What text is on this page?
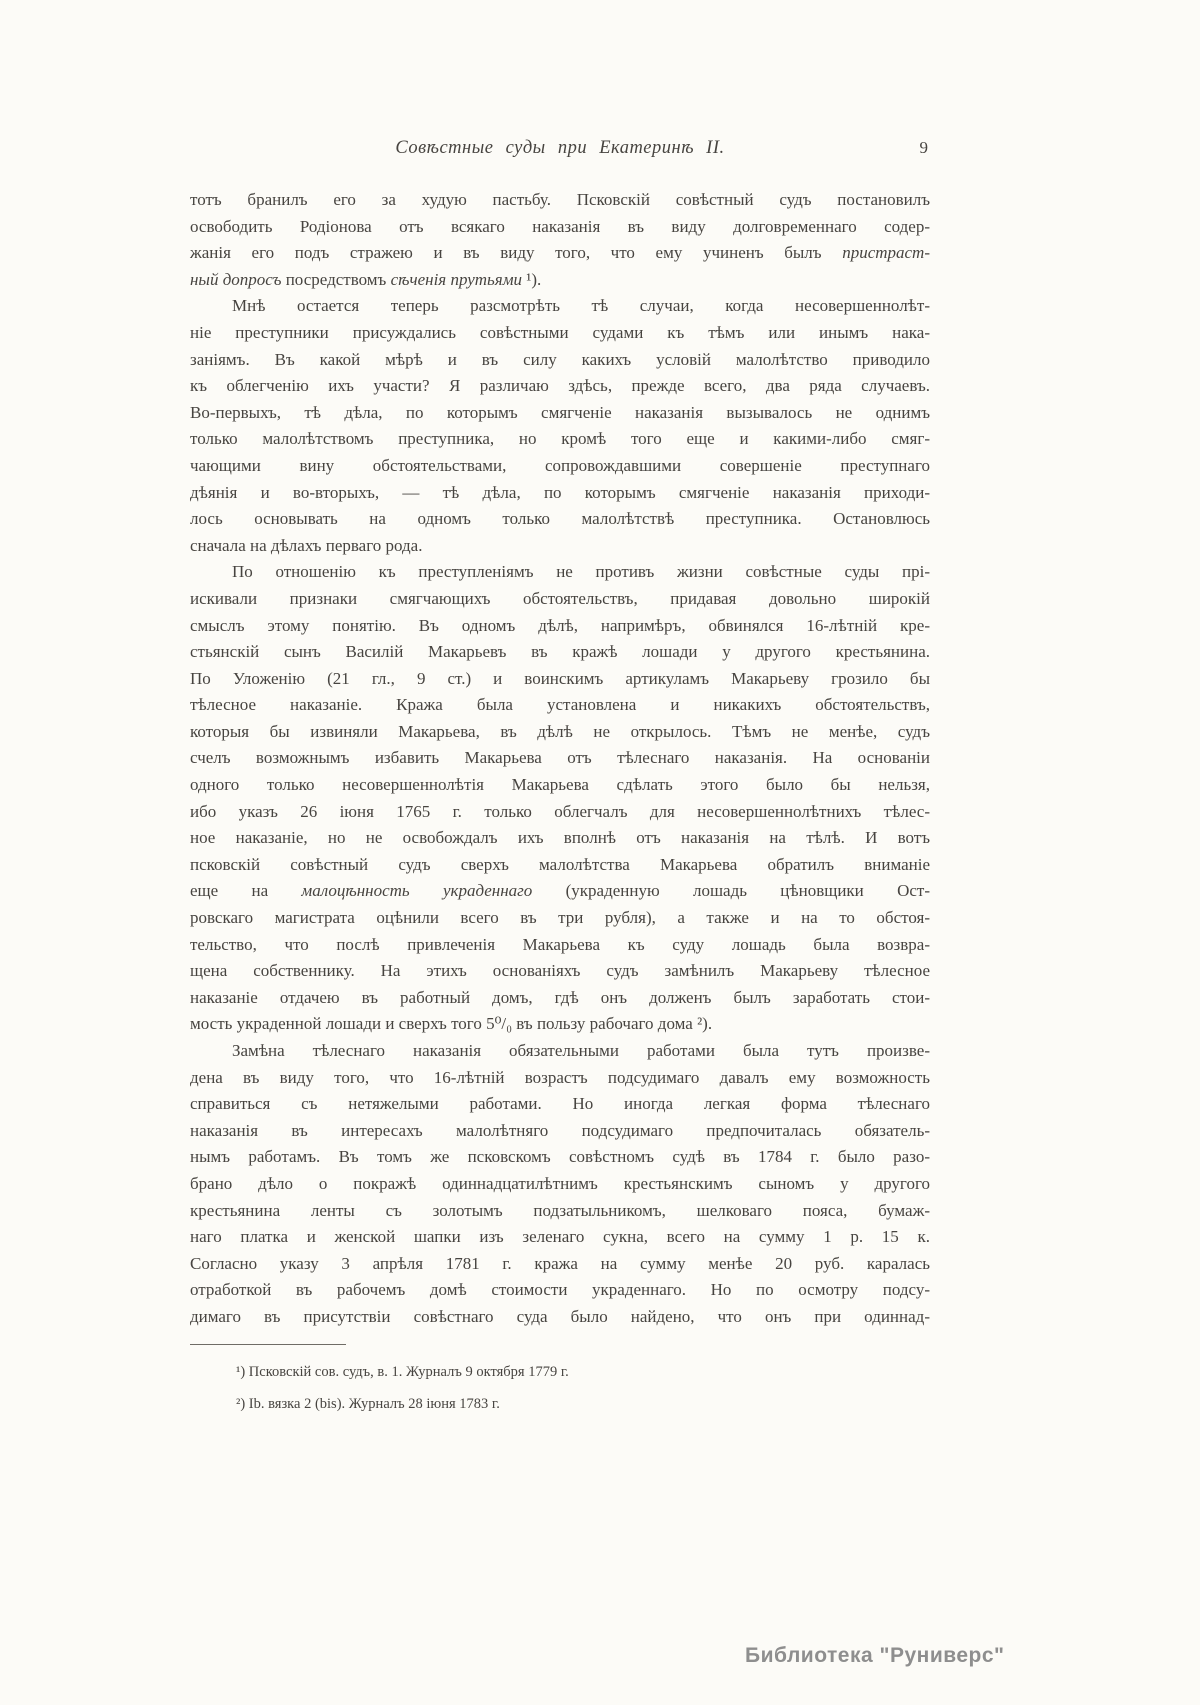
Совѣстные суды при Екатеринѣ II.	9
тотъ бранилъ его за худую пастьбу. Псковскій совѣстный судъ постановилъ
освободить Родіонова отъ всякаго наказанія въ виду долговременнаго содер-
жанія его подъ стражею и въ виду того, что ему учиненъ былъ пристраст-
ный допросъ посредствомъ сѣченія прутьями ¹).
Мнѣ остается теперь разсмотрѣть тѣ случаи, когда несовершеннолѣт-
ніе преступники присуждались совѣстными судами къ тѣмъ или инымъ нака-
заніямъ. Въ какой мѣрѣ и въ силу какихъ условій малолѣтство приводило
къ облегченію ихъ участи? Я различаю здѣсь, прежде всего, два ряда случаевъ.
Во-первыхъ, тѣ дѣла, по которымъ смягченіе наказанія вызывалось не однимъ
только малолѣтствомъ преступника, но кромѣ того еще и какими-либо смяг-
чающими вину обстоятельствами, сопровождавшими совершеніе преступнаго
дѣянія и во-вторыхъ, — тѣ дѣла, по которымъ смягченіе наказанія приходи-
лось основывать на одномъ только малолѣтствѣ преступника. Остановлюсь
сначала на дѣлахъ перваго рода.
По отношенію къ преступленіямъ не противъ жизни совѣстные суды прі-
искивали признаки смягчающихъ обстоятельствъ, придавая довольно широкій
смыслъ этому понятію. Въ одномъ дѣлѣ, напримѣръ, обвинялся 16-лѣтній кре-
стьянскій сынъ Василій Макарьевъ въ кражѣ лошади у другого крестьянина.
По Уложенію (21 гл., 9 ст.) и воинскимъ артикуламъ Макарьеву грозило бы
тѣлесное наказаніе. Кража была установлена и никакихъ обстоятельствъ,
которыя бы извиняли Макарьева, въ дѣлѣ не открылось. Тѣмъ не менѣе, судъ
счелъ возможнымъ избавить Макарьева отъ тѣлеснаго наказанія. На основаніи
одного только несовершеннолѣтія Макарьева сдѣлать этого было бы нельзя,
ибо указъ 26 іюня 1765 г. только облегчалъ для несовершеннолѣтнихъ тѣлес-
ное наказаніе, но не освобождалъ ихъ вполнѣ отъ наказанія на тѣлѣ. И вотъ
псковскій совѣстный судъ сверхъ малолѣтства Макарьева обратилъ вниманіе
еще на малоцѣнность украденнаго (украденную лошадь цѣновщики Ост-
ровскаго магистрата оцѣнили всего въ три рубля), а также и на то обстоя-
тельство, что послѣ привлеченія Макарьева къ суду лошадь была возвра-
щена собственнику. На этихъ основаніяхъ судъ замѣнилъ Макарьеву тѣлесное
наказаніе отдачею въ работный домъ, гдѣ онъ долженъ былъ заработать стои-
мость украденной лошади и сверхъ того 5⁰/₀ въ пользу рабочаго дома ²).
Замѣна тѣлеснаго наказанія обязательными работами была тутъ произве-
дена въ виду того, что 16-лѣтній возрастъ подсудимаго давалъ ему возможность
справиться съ нетяжелыми работами. Но иногда легкая форма тѣлеснаго
наказанія въ интересахъ малолѣтняго подсудимаго предпочиталась обязатель-
нымъ работамъ. Въ томъ же псковскомъ совѣстномъ судѣ въ 1784 г. было разо-
брано дѣло о покражѣ одиннадцатилѣтнимъ крестьянскимъ сыномъ у другого
крестьянина ленты съ золотымъ подзатыльникомъ, шелковаго пояса, бумаж-
наго платка и женской шапки изъ зеленаго сукна, всего на сумму 1 р. 15 к.
Согласно указу 3 апрѣля 1781 г. кража на сумму менѣе 20 руб. каралась
отработкой въ рабочемъ домѣ стоимости украденнаго. Но по осмотру подсу-
димаго въ присутствіи совѣстнаго суда было найдено, что онъ при одиннад-
¹) Псковскій сов. судъ, в. 1. Журналъ 9 октября 1779 г.
²) Ib. вязка 2 (bis). Журналъ 28 іюня 1783 г.
Библиотека "Руниверс"
